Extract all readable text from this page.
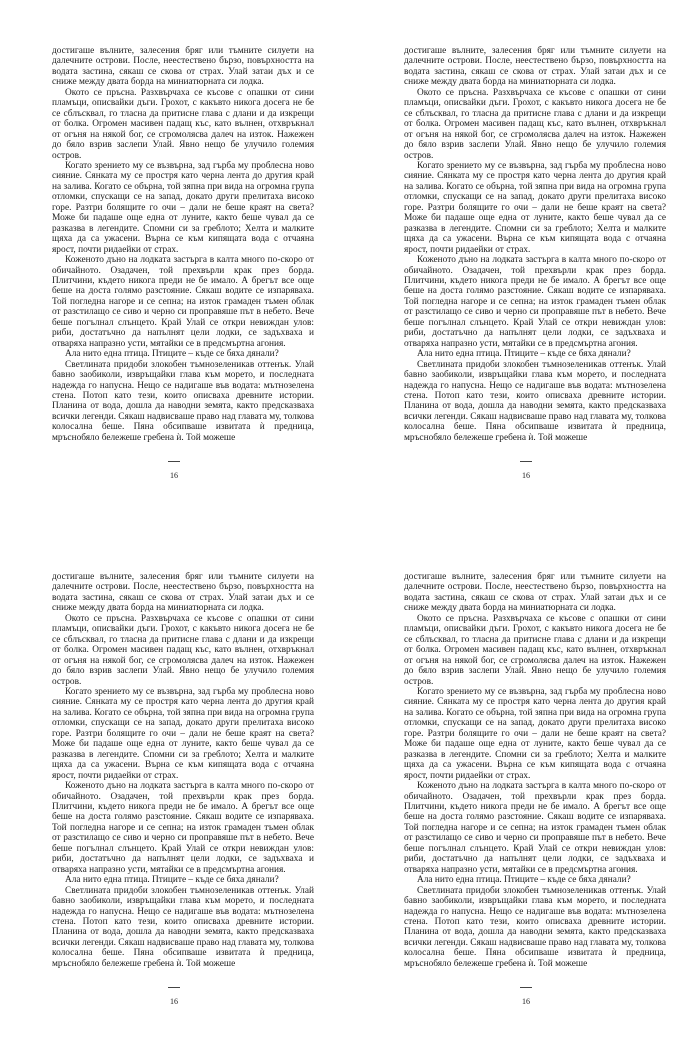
достигаше вълните, залесения бряг или тъмните силуети на далечните острови. После, неестествено бързо, повърхността на водата застина, сякаш се скова от страх. Улай затаи дъх и се сниже между двата борда на миниатюрната си лодка.

Окото се пръсна. Разхвърчаха се късове с опашки от сини пламъци, описвайки дъги. Грохот, с какъвто никога досега не бе се сблъсквал, го тласна да притисне глава с длани и да изкрещи от болка. Огромен масивен падащ къс, като вълнен, отхвръкнал от огъня на някой бог, се сгромолясва далеч на изток. Нажежен до бяло взрив заслепи Улай. Явно нещо бе улучило големия остров.

Когато зрението му се възвърна, зад гърба му проблесна ново сияние. Сянката му се простря като черна лента до другия край на залива. Когато се обърна, той зяпна при вида на огромна група отломки, спускащи се на запад, докато други прелитаха високо горе. Разтри болящите го очи – дали не беше краят на света? Може би падаше още една от луните, както беше чувал да се разказва в легендите. Спомни си за греблото; Хелта и малките щяха да са ужасени. Върна се към кипящата вода с отчаяна ярост, почти ридаейки от страх.

Коженото дъно на лодката застърга в калта много по-скоро от обичайното. Озадачен, той прехвърли крак през борда. Плитчини, където никога преди не бе имало. А брегът все още беше на доста голямо разстояние. Сякаш водите се изпаряваха. Той погледна нагоре и се сепна; на изток грамаден тъмен облак от разстилащо се сиво и черно си проправяше път в небето. Вече беше погълнал слънцето. Край Улай се откри невиждан улов: риби, достатъчно да напълнят цели лодки, се задъхваха и отваряха напразно усти, мятайки се в предсмъртна агония.

Ала нито една птица. Птиците – къде се бяха дянали?

Светлината придоби злокобен тъмнозеленикав оттенък. Улай бавно заобиколи, извръщайки глава към морето, и последната надежда го напусна. Нещо се надигаше във водата: мътнозелена стена. Потоп като тези, които описваха древните истории. Планина от вода, дошла да наводни земята, както предсказваха всички легенди. Сякаш надвисваше право над главата му, толкова колосална беше. Пяна обсипваше извитата ѝ предница, мръснобяло бележеше гребена ѝ. Той можеше

16

достигаше вълните, залесения бряг или тъмните силуети на далечните острови. После, неестествено бързо, повърхността на водата застина, сякаш се скова от страх. Улай затаи дъх и се сниже между двата борда на миниатюрната си лодка.

Окото се пръсна. Разхвърчаха се късове с опашки от сини пламъци, описвайки дъги. Грохот, с какъвто никога досега не бе се сблъсквал, го тласна да притисне глава с длани и да изкрещи от болка. Огромен масивен падащ къс, като вълнен, отхвръкнал от огъня на някой бог, се сгромолясва далеч на изток. Нажежен до бяло взрив заслепи Улай. Явно нещо бе улучило големия остров.

Когато зрението му се възвърна, зад гърба му проблесна ново сияние. Сянката му се простря като черна лента до другия край на залива. Когато се обърна, той зяпна при вида на огромна група отломки, спускащи се на запад, докато други прелитаха високо горе. Разтри болящите го очи – дали не беше краят на света? Може би падаше още една от луните, както беше чувал да се разказва в легендите. Спомни си за греблото; Хелта и малките щяха да са ужасени. Върна се към кипящата вода с отчаяна ярост, почти ридаейки от страх.

Коженото дъно на лодката застърга в калта много по-скоро от обичайното. Озадачен, той прехвърли крак през борда. Плитчини, където никога преди не бе имало. А брегът все още беше на доста голямо разстояние. Сякаш водите се изпаряваха. Той погледна нагоре и се сепна; на изток грамаден тъмен облак от разстилащо се сиво и черно си проправяше път в небето. Вече беше погълнал слънцето. Край Улай се откри невиждан улов: риби, достатъчно да напълнят цели лодки, се задъхваха и отваряха напразно усти, мятайки се в предсмъртна агония.

Ала нито една птица. Птиците – къде се бяха дянали?

Светлината придоби злокобен тъмнозеленикав оттенък. Улай бавно заобиколи, извръщайки глава към морето, и последната надежда го напусна. Нещо се надигаше във водата: мътнозелена стена. Потоп като тези, които описваха древните истории. Планина от вода, дошла да наводни земята, както предсказваха всички легенди. Сякаш надвисваше право над главата му, толкова колосална беше. Пяна обсипваше извитата ѝ предница, мръснобяло бележеше гребена ѝ. Той можеше

16

достигаше вълните, залесения бряг или тъмните силуети на далечните острови. После, неестествено бързо, повърхността на водата застина, сякаш се скова от страх. Улай затаи дъх и се сниже между двата борда на миниатюрната си лодка.

Окото се пръсна. Разхвърчаха се късове с опашки от сини пламъци, описвайки дъги. Грохот, с какъвто никога досега не бе се сблъсквал, го тласна да притисне глава с длани и да изкрещи от болка. Огромен масивен падащ къс, като вълнен, отхвръкнал от огъня на някой бог, се сгромолясва далеч на изток. Нажежен до бяло взрив заслепи Улай. Явно нещо бе улучило големия остров.

Когато зрението му се възвърна, зад гърба му проблесна ново сияние. Сянката му се простря като черна лента до другия край на залива. Когато се обърна, той зяпна при вида на огромна група отломки, спускащи се на запад, докато други прелитаха високо горе. Разтри болящите го очи – дали не беше краят на света? Може би падаше още една от луните, както беше чувал да се разказва в легендите. Спомни си за греблото; Хелта и малките щяха да са ужасени. Върна се към кипящата вода с отчаяна ярост, почти ридаейки от страх.

Коженото дъно на лодката застърга в калта много по-скоро от обичайното. Озадачен, той прехвърли крак през борда. Плитчини, където никога преди не бе имало. А брегът все още беше на доста голямо разстояние. Сякаш водите се изпаряваха. Той погледна нагоре и се сепна; на изток грамаден тъмен облак от разстилащо се сиво и черно си проправяше път в небето. Вече беше погълнал слънцето. Край Улай се откри невиждан улов: риби, достатъчно да напълнят цели лодки, се задъхваха и отваряха напразно усти, мятайки се в предсмъртна агония.

Ала нито една птица. Птиците – къде се бяха дянали?

Светлината придоби злокобен тъмнозеленикав оттенък. Улай бавно заобиколи, извръщайки глава към морето, и последната надежда го напусна. Нещо се надигаше във водата: мътнозелена стена. Потоп като тези, които описваха древните истории. Планина от вода, дошла да наводни земята, както предсказваха всички легенди. Сякаш надвисваше право над главата му, толкова колосална беше. Пяна обсипваше извитата ѝ предница, мръснобяло бележеше гребена ѝ. Той можеше

16

достигаше вълните, залесения бряг или тъмните силуети на далечните острови. После, неестествено бързо, повърхността на водата застина, сякаш се скова от страх. Улай затаи дъх и се сниже между двата борда на миниатюрната си лодка.

Окото се пръсна. Разхвърчаха се късове с опашки от сини пламъци, описвайки дъги. Грохот, с какъвто никога досега не бе се сблъсквал, го тласна да притисне глава с длани и да изкрещи от болка. Огромен масивен падащ къс, като вълнен, отхвръкнал от огъня на някой бог, се сгромолясва далеч на изток. Нажежен до бяло взрив заслепи Улай. Явно нещо бе улучило големия остров.

Когато зрението му се възвърна, зад гърба му проблесна ново сияние. Сянката му се простря като черна лента до другия край на залива. Когато се обърна, той зяпна при вида на огромна група отломки, спускащи се на запад, докато други прелитаха високо горе. Разтри болящите го очи – дали не беше краят на света? Може би падаше още една от луните, както беше чувал да се разказва в легендите. Спомни си за греблото; Хелта и малките щяха да са ужасени. Върна се към кипящата вода с отчаяна ярост, почти ридаейки от страх.

Коженото дъно на лодката застърга в калта много по-скоро от обичайното. Озадачен, той прехвърли крак през борда. Плитчини, където никога преди не бе имало. А брегът все още беше на доста голямо разстояние. Сякаш водите се изпаряваха. Той погледна нагоре и се сепна; на изток грамаден тъмен облак от разстилащо се сиво и черно си проправяше път в небето. Вече беше погълнал слънцето. Край Улай се откри невиждан улов: риби, достатъчно да напълнят цели лодки, се задъхваха и отваряха напразно усти, мятайки се в предсмъртна агония.

Ала нито една птица. Птиците – къде се бяха дянали?

Светлината придоби злокобен тъмнозеленикав оттенък. Улай бавно заобиколи, извръщайки глава към морето, и последната надежда го напусна. Нещо се надигаше във водата: мътнозелена стена. Потоп като тези, които описваха древните истории. Планина от вода, дошла да наводни земята, както предсказваха всички легенди. Сякаш надвисваше право над главата му, толкова колосална беше. Пяна обсипваше извитата ѝ предница, мръснобяло бележеше гребена ѝ. Той можеше

16
